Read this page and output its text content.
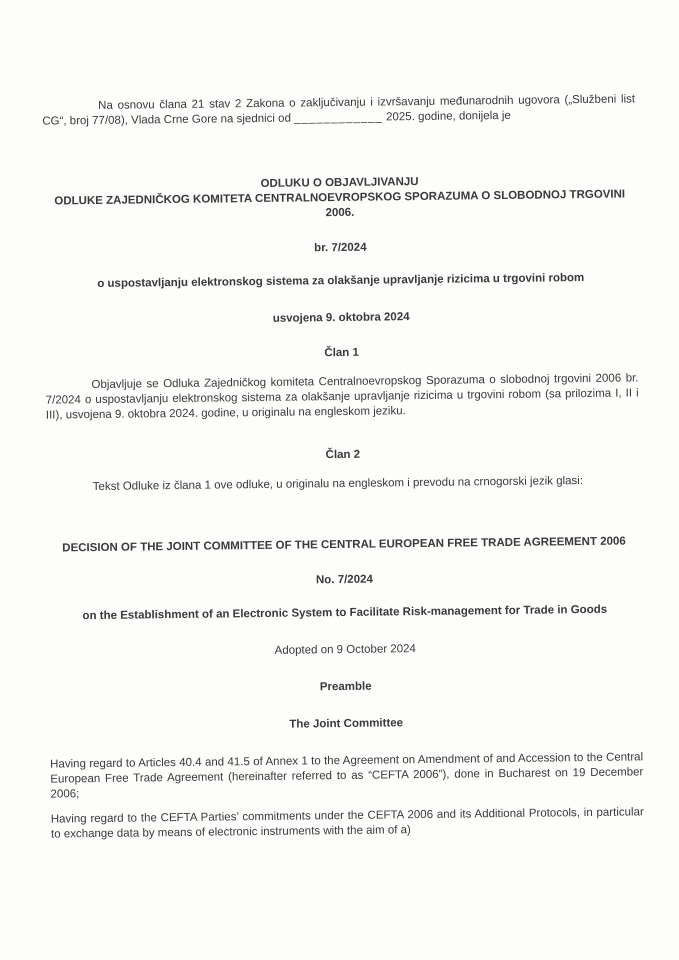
Na osnovu člana 21 stav 2 Zakona o zaključivanju i izvršavanju međunarodnih ugovora („Službeni list CG“, broj 77/08), Vlada Crne Gore na sjednici od ____________ 2025. godine, donijela je

ODLUKU O OBJAVLJIVANJU
ODLUKE ZAJEDNIČKOG KOMITETA CENTRALNOEVROPSKOG SPORAZUMA O SLOBODNOJ TRGOVINI 2006.
br. 7/2024
o uspostavljanju elektronskog sistema za olakšanje upravljanje rizicima u trgovini robom
usvojena 9. oktobra 2024
Član 1

Objavljuje se Odluka Zajedničkog komiteta Centralnoevropskog Sporazuma o slobodnoj trgovini 2006 br. 7/2024 o uspostavljanju elektronskog sistema za olakšanje upravljanje rizicima u trgovini robom (sa prilozima I, II i III), usvojena 9. oktobra 2024. godine, u originalu na engleskom jeziku.

Član 2

Tekst Odluke iz člana 1 ove odluke, u originalu na engleskom i prevodu na crnogorski jezik glasi:

DECISION OF THE JOINT COMMITTEE OF THE CENTRAL EUROPEAN FREE TRADE AGREEMENT 2006
No. 7/2024
on the Establishment of an Electronic System to Facilitate Risk-management for Trade in Goods
Adopted on 9 October 2024
Preamble
The Joint Committee

Having regard to Articles 40.4 and 41.5 of Annex 1 to the Agreement on Amendment of and Accession to the Central European Free Trade Agreement (hereinafter referred to as “CEFTA 2006”), done in Bucharest on 19 December 2006;

Having regard to the CEFTA Parties’ commitments under the CEFTA 2006 and its Additional Protocols, in particular to exchange data by means of electronic instruments with the aim of a)
